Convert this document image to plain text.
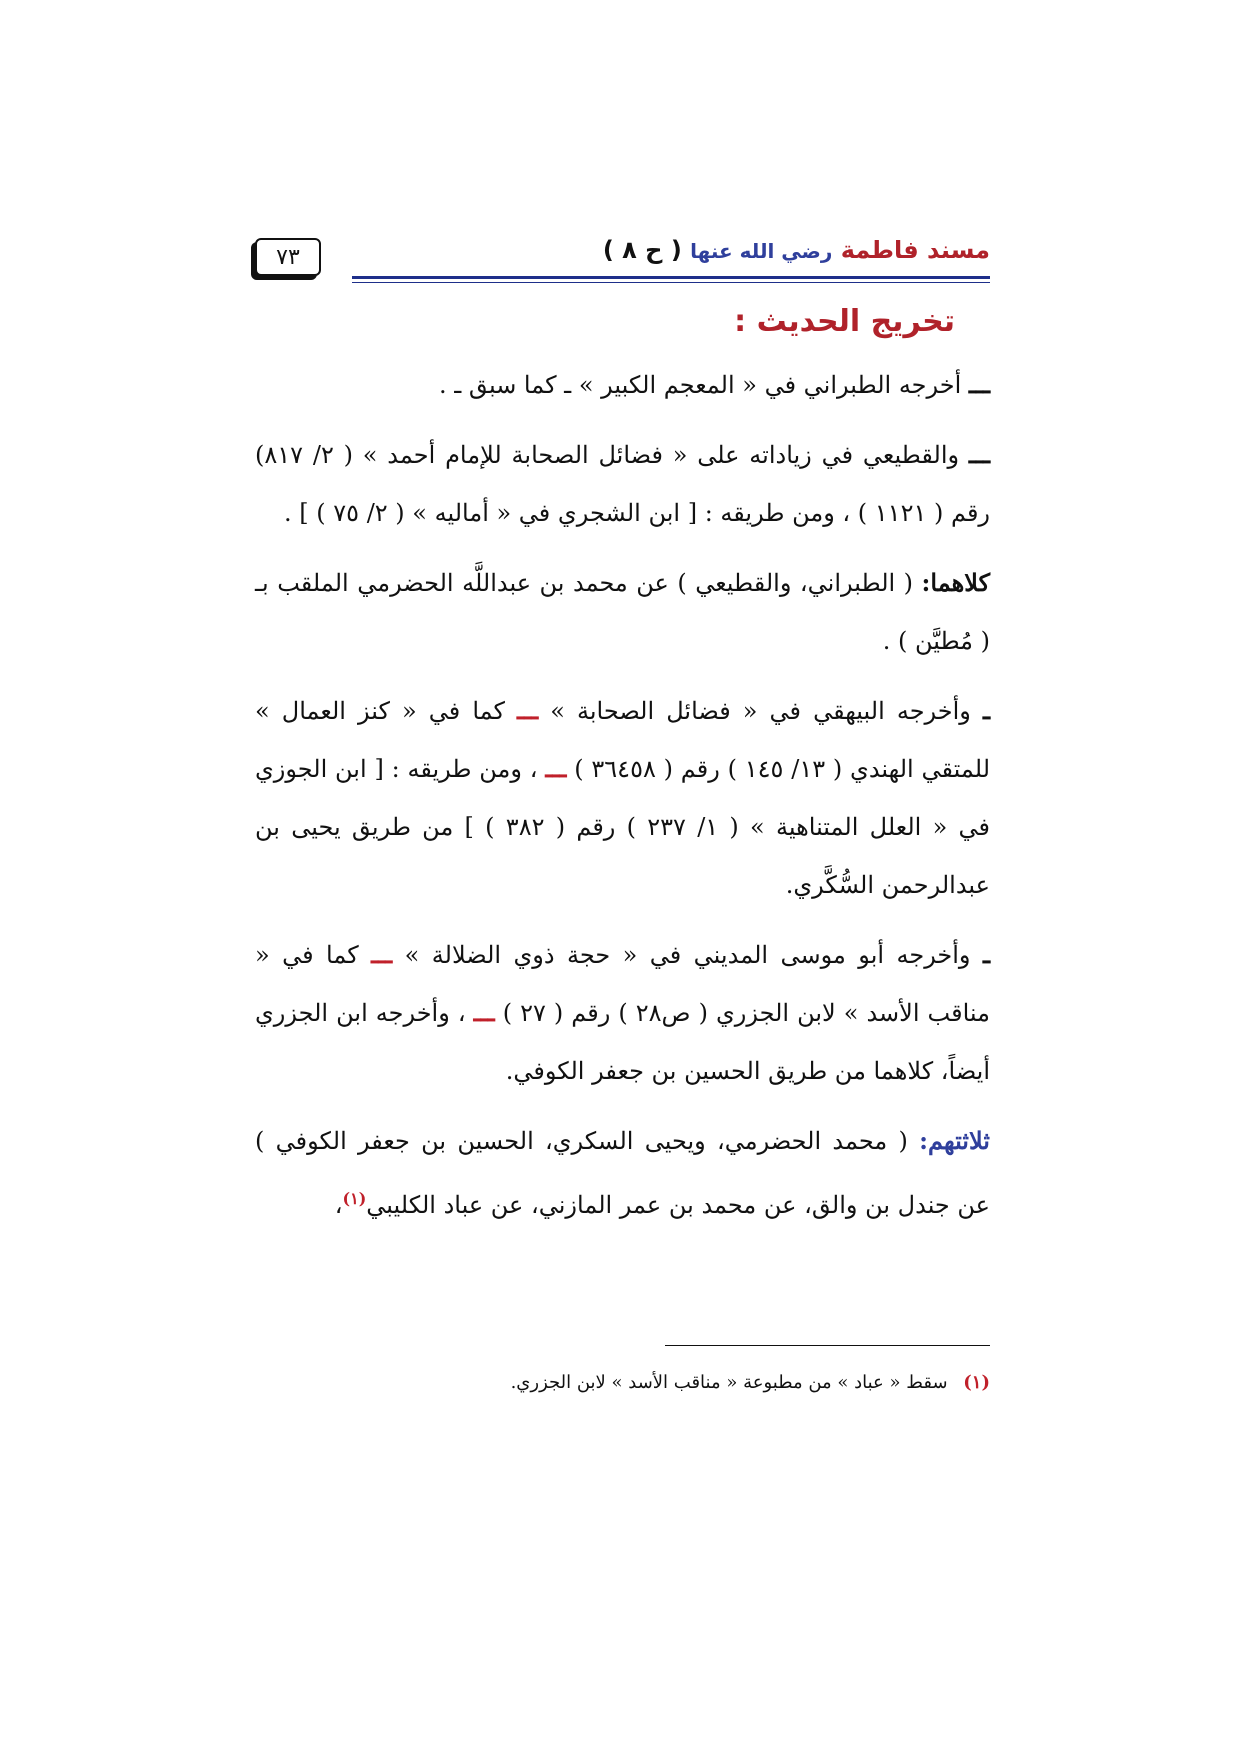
٧٣	مسند فاطمة رضي الله عنها ( ح ٨ )
تخريج الحديث :

ـــ أخرجه الطبراني في « المعجم الكبير » ـ كما سبق ـ .

ـــ والقطيعي في زياداته على « فضائل الصحابة للإمام أحمد » ( ٢/ ٨١٧) رقم ( ١١٢١ ) ، ومن طريقه : [ ابن الشجري في « أماليه » ( ٢/ ٧٥ ) ] .

كلاهما: ( الطبراني، والقطيعي ) عن محمد بن عبداللَّه الحضرمي الملقب بـ ( مُطيَّن ) .

ـ وأخرجه البيهقي في « فضائل الصحابة » ـــ كما في « كنز العمال » للمتقي الهندي ( ١٣/ ١٤٥ ) رقم ( ٣٦٤٥٨ ) ـــ ، ومن طريقه : [ ابن الجوزي في « العلل المتناهية » ( ١/ ٢٣٧ ) رقم ( ٣٨٢ ) ] من طريق يحيى بن عبدالرحمن السُّكَّري.

ـ وأخرجه أبو موسى المديني في « حجة ذوي الضلالة » ـــ كما في « مناقب الأسد » لابن الجزري ( ص٢٨ ) رقم ( ٢٧ ) ـــ ، وأخرجه ابن الجزري أيضاً، كلاهما من طريق الحسين بن جعفر الكوفي.

ثلاثتهم: ( محمد الحضرمي، ويحيى السكري، الحسين بن جعفر الكوفي ) عن جندل بن والق، عن محمد بن عمر المازني، عن عباد الكليبي$^{(١)}$،

(١) سقط « عباد » من مطبوعة « مناقب الأسد » لابن الجزري.
